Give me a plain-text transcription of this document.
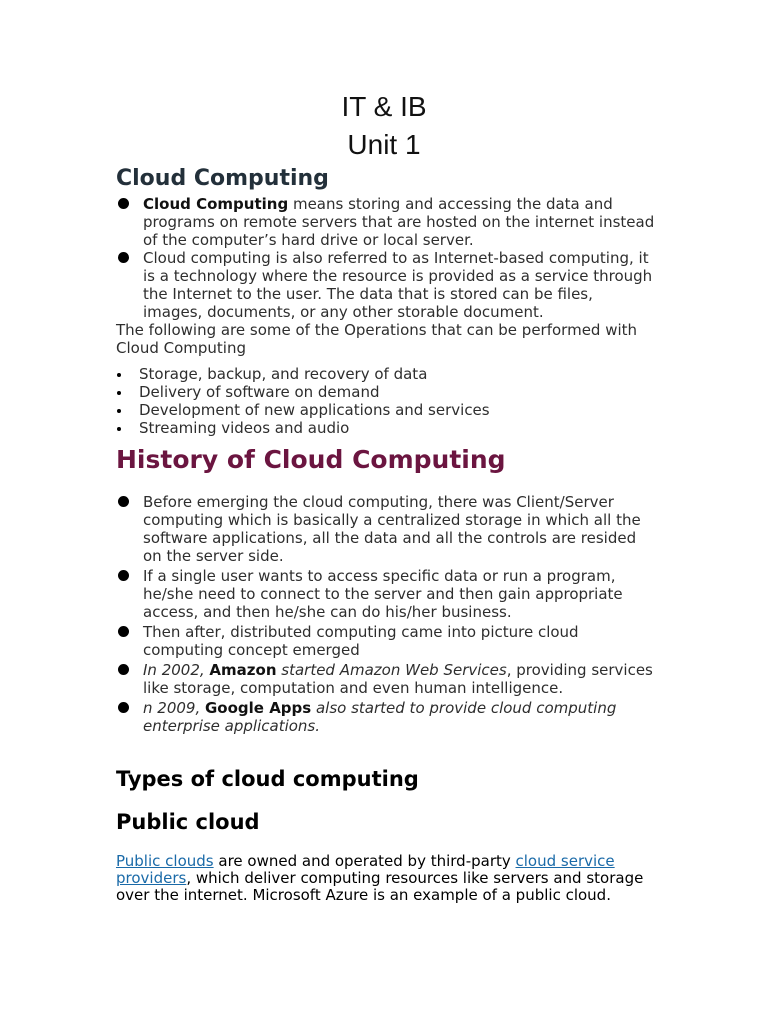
IT & IB
Unit 1
Cloud Computing
Cloud Computing means storing and accessing the data and programs on remote servers that are hosted on the internet instead of the computer’s hard drive or local server.
Cloud computing is also referred to as Internet-based computing, it is a technology where the resource is provided as a service through the Internet to the user. The data that is stored can be files, images, documents, or any other storable document.

The following are some of the Operations that can be performed with Cloud Computing

Storage, backup, and recovery of data
Delivery of software on demand
Development of new applications and services
Streaming videos and audio
History of Cloud Computing
Before emerging the cloud computing, there was Client/Server computing which is basically a centralized storage in which all the software applications, all the data and all the controls are resided on the server side.
If a single user wants to access specific data or run a program, he/she need to connect to the server and then gain appropriate access, and then he/she can do his/her business.
Then after, distributed computing came into picture cloud computing concept emerged
In 2002, Amazon started Amazon Web Services, providing services like storage, computation and even human intelligence.
n 2009, Google Apps also started to provide cloud computing enterprise applications.
Types of cloud computing
Public cloud

Public clouds are owned and operated by third-party cloud service providers, which deliver computing resources like servers and storage over the internet. Microsoft Azure is an example of a public cloud.
